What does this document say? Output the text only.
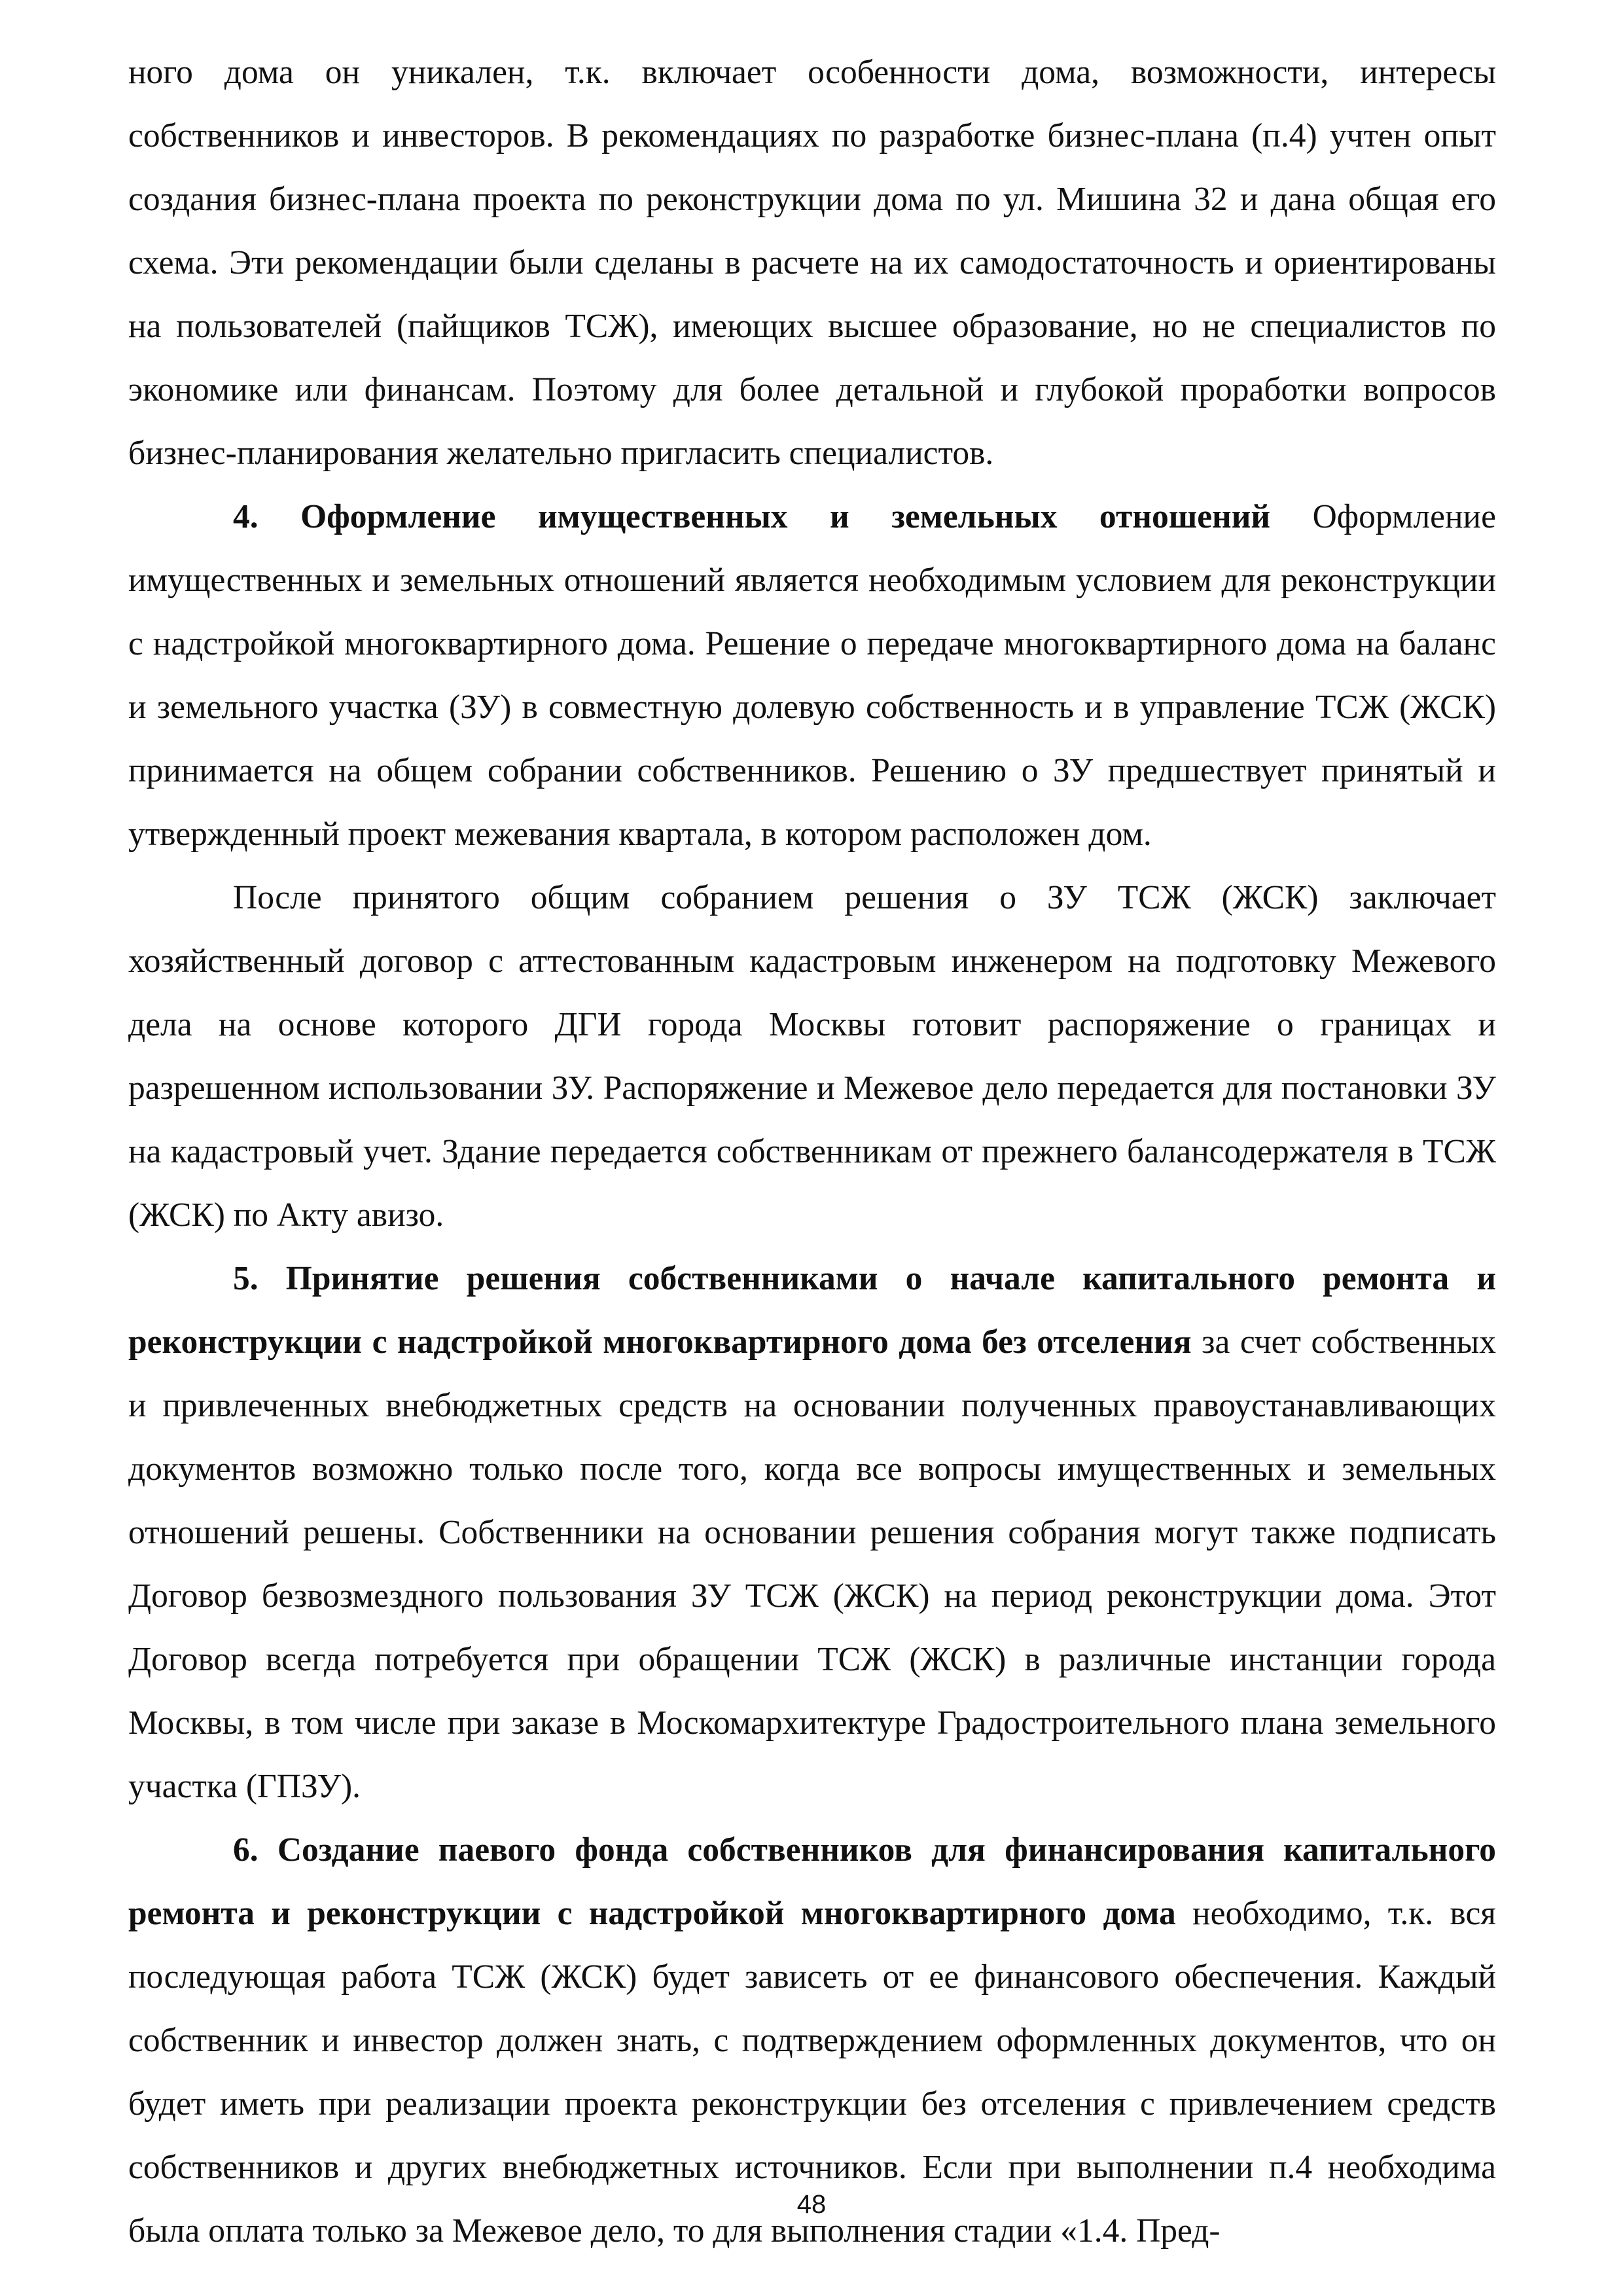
ного дома он уникален, т.к. включает особенности дома, возможности, интересы собственников и инвесторов. В рекомендациях по разработке бизнес-плана (п.4) учтен опыт создания бизнес-плана проекта по реконструкции дома по ул. Мишина 32 и дана общая его схема. Эти рекомендации были сделаны в расчете на их самодостаточность и ориентированы на пользователей (пайщиков ТСЖ), имеющих высшее образование, но не специалистов по экономике или финансам. Поэтому для более детальной и глубокой проработки вопросов бизнес-планирования желательно пригласить специалистов.

4. Оформление имущественных и земельных отношений Оформление имущественных и земельных отношений является необходимым условием для реконструкции с надстройкой многоквартирного дома. Решение о передаче многоквартирного дома на баланс и земельного участка (ЗУ) в совместную долевую собственность и в управление ТСЖ (ЖСК) принимается на общем собрании собственников. Решению о ЗУ предшествует принятый и утвержденный проект межевания квартала, в котором расположен дом.

После принятого общим собранием решения о ЗУ ТСЖ (ЖСК) заключает хозяйственный договор с аттестованным кадастровым инженером на подготовку Межевого дела на основе которого ДГИ города Москвы готовит распоряжение о границах и разрешенном использовании ЗУ. Распоряжение и Межевое дело передается для постановки ЗУ на кадастровый учет. Здание передается собственникам от прежнего балансодержателя в ТСЖ (ЖСК) по Акту авизо.

5. Принятие решения собственниками о начале капитального ремонта и реконструкции с надстройкой многоквартирного дома без отселения за счет собственных и привлеченных внебюджетных средств на основании полученных правоустанавливающих документов возможно только после того, когда все вопросы имущественных и земельных отношений решены. Собственники на основании решения собрания могут также подписать Договор безвозмездного пользования ЗУ ТСЖ (ЖСК) на период реконструкции дома. Этот Договор всегда потребуется при обращении ТСЖ (ЖСК) в различные инстанции города Москвы, в том числе при заказе в Москомархитектуре Градостроительного плана земельного участка (ГПЗУ).

6. Создание паевого фонда собственников для финансирования капитального ремонта и реконструкции с надстройкой многоквартирного дома необходимо, т.к. вся последующая работа ТСЖ (ЖСК) будет зависеть от ее финансового обеспечения. Каждый собственник и инвестор должен знать, с подтверждением оформленных документов, что он будет иметь при реализации проекта реконструкции без отселения с привлечением средств собственников и других внебюджетных источников. Если при выполнении п.4 необходима была оплата только за Межевое дело, то для выполнения стадии «1.4. Пред-

48
